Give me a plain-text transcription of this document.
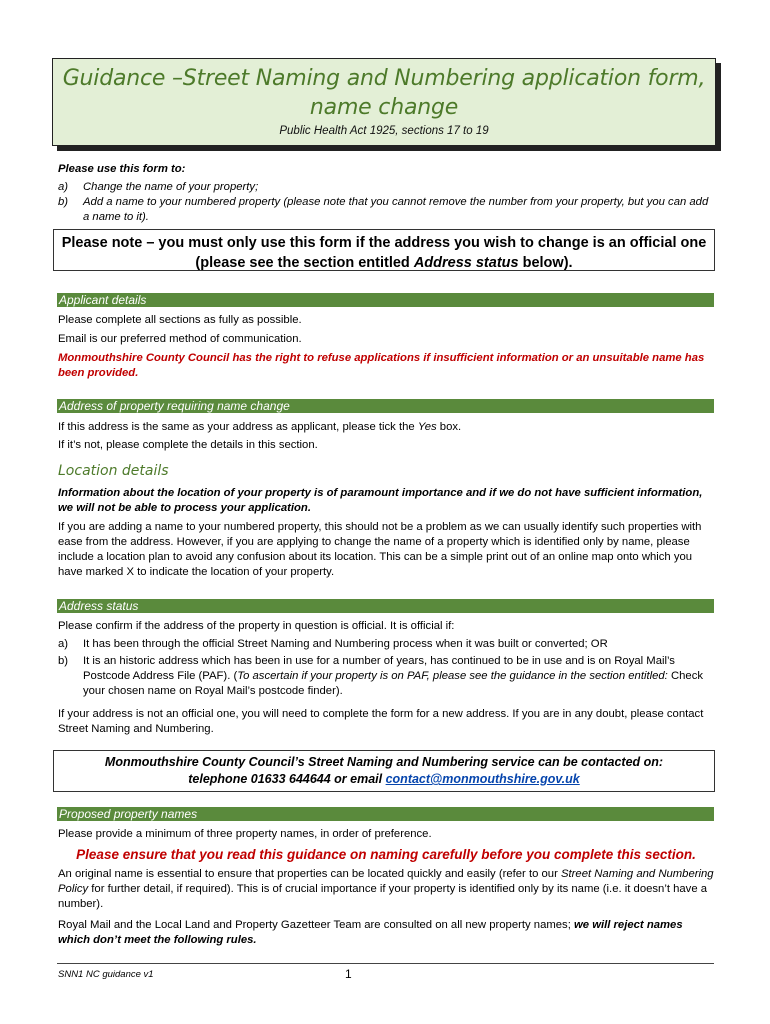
Guidance –Street Naming and Numbering application form,
name change
Public Health Act 1925, sections 17 to 19
Please use this form to:
a)	Change the name of your property;
b)	Add a name to your numbered property (please note that you cannot remove the number from your property, but you can add a name to it).
Please note – you must only use this form if the address you wish to change is an official one (please see the section entitled Address status below).
Applicant details
Please complete all sections as fully as possible.
Email is our preferred method of communication.
Monmouthshire County Council has the right to refuse applications if insufficient information or an unsuitable name has been provided.
Address of property requiring name change
If this address is the same as your address as applicant, please tick the Yes box.
If it’s not, please complete the details in this section.
Location details
Information about the location of your property is of paramount importance and if we do not have sufficient information, we will not be able to process your application.
If you are adding a name to your numbered property, this should not be a problem as we can usually identify such properties with ease from the address. However, if you are applying to change the name of a property which is identified only by name, please include a location plan to avoid any confusion about its location. This can be a simple print out of an online map onto which you have marked X to indicate the location of your property.
Address status
Please confirm if the address of the property in question is official. It is official if:
a)	It has been through the official Street Naming and Numbering process when it was built or converted; OR
b)	It is an historic address which has been in use for a number of years, has continued to be in use and is on Royal Mail’s Postcode Address File (PAF). (To ascertain if your property is on PAF, please see the guidance in the section entitled: Check your chosen name on Royal Mail’s postcode finder).
If your address is not an official one, you will need to complete the form for a new address. If you are in any doubt, please contact Street Naming and Numbering.
Monmouthshire County Council’s Street Naming and Numbering service can be contacted on:
telephone 01633 644644 or email contact@monmouthshire.gov.uk
Proposed property names
Please provide a minimum of three property names, in order of preference.
Please ensure that you read this guidance on naming carefully before you complete this section.
An original name is essential to ensure that properties can be located quickly and easily (refer to our Street Naming and Numbering Policy for further detail, if required). This is of crucial importance if your property is identified only by its name (i.e. it doesn’t have a number).
Royal Mail and the Local Land and Property Gazetteer Team are consulted on all new property names; we will reject names which don’t meet the following rules.
SNN1 NC guidance v1	1
